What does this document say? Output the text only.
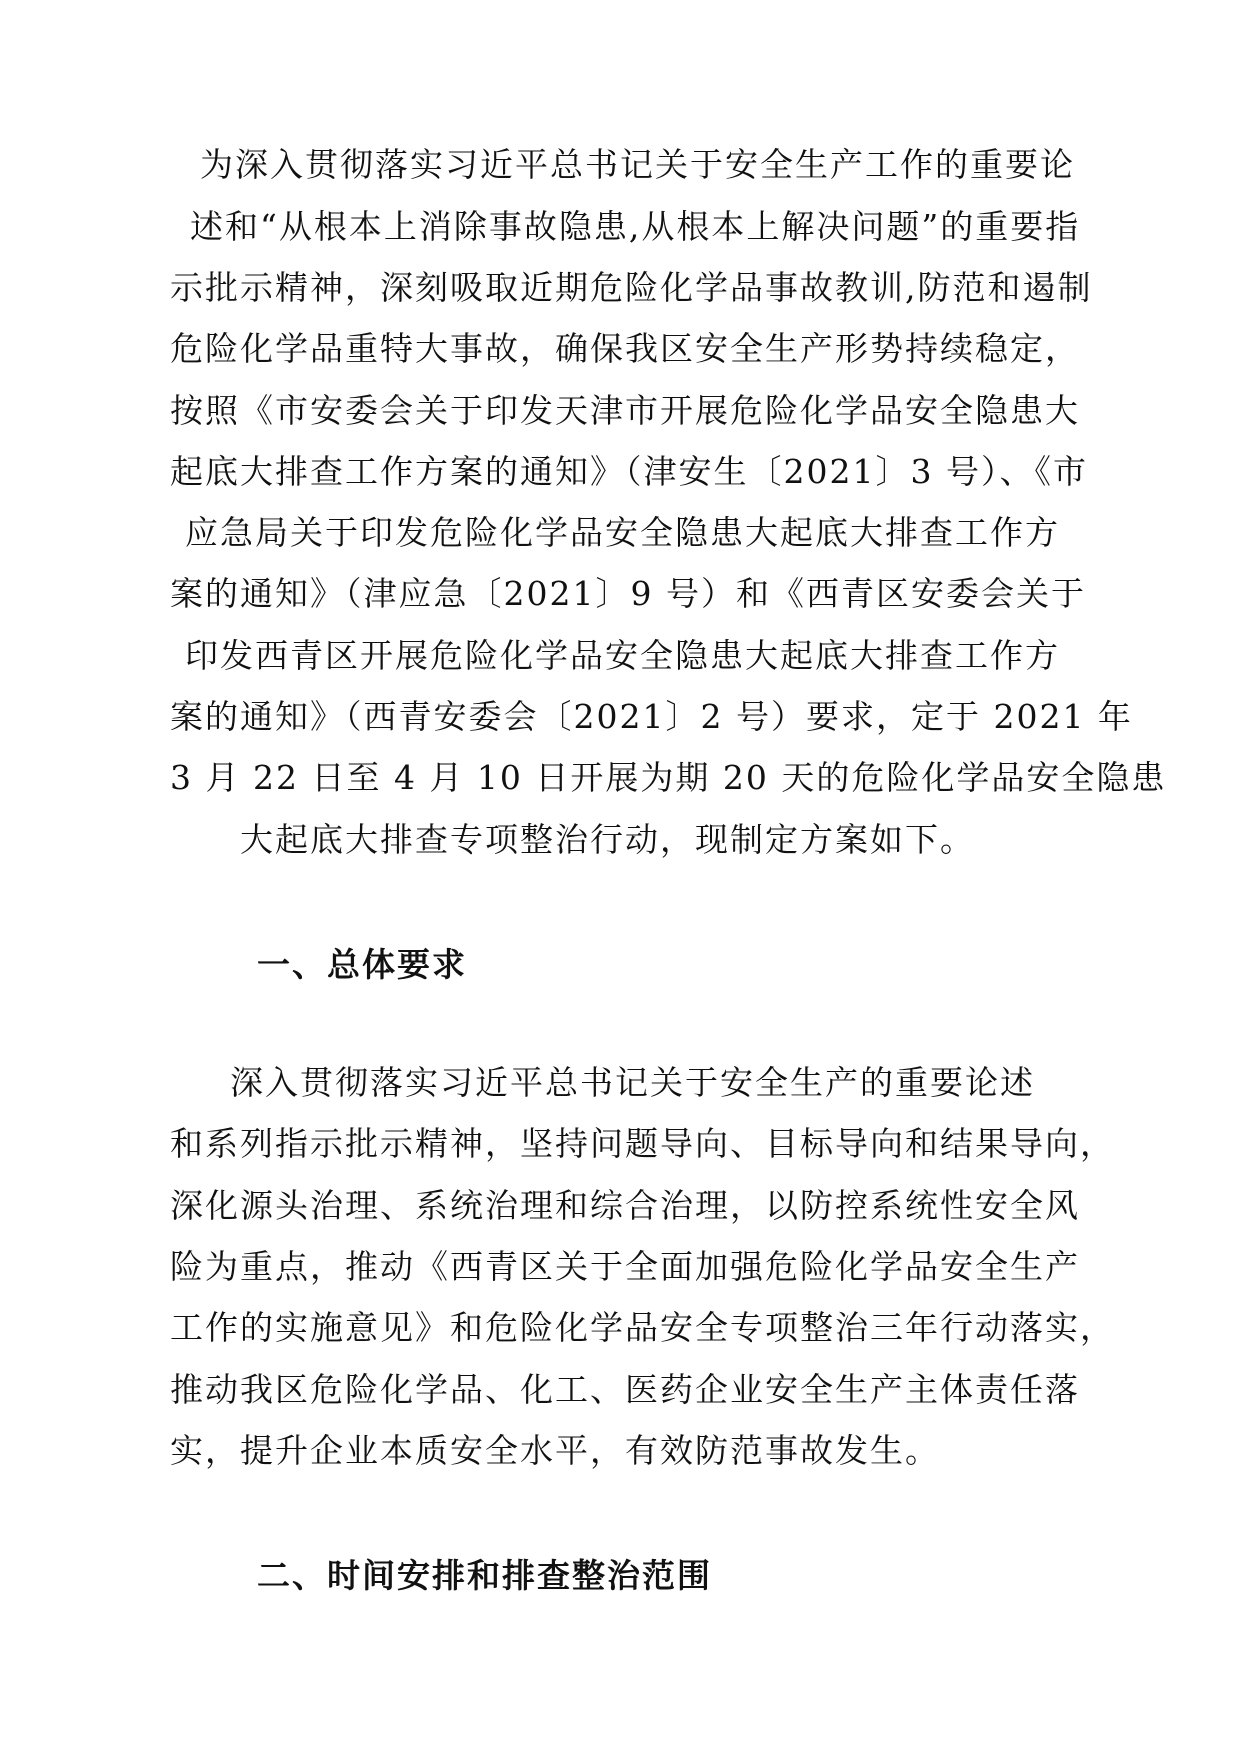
为深入贯彻落实习近平总书记关于安全生产工作的重要论
述和“从根本上消除事故隐患,从根本上解决问题”的重要指
示批示精神，深刻吸取近期危险化学品事故教训,防范和遏制
危险化学品重特大事故，确保我区安全生产形势持续稳定，
按照《市安委会关于印发天津市开展危险化学品安全隐患大
起底大排查工作方案的通知》（津安生〔2021〕3 号）、《市
应急局关于印发危险化学品安全隐患大起底大排查工作方
案的通知》（津应急〔2021〕9 号）和《西青区安委会关于
印发西青区开展危险化学品安全隐患大起底大排查工作方
案的通知》（西青安委会〔2021〕2 号）要求，定于 2021 年
3 月 22 日至 4 月 10 日开展为期 20 天的危险化学品安全隐患
大起底大排查专项整治行动，现制定方案如下。
一、总体要求
深入贯彻落实习近平总书记关于安全生产的重要论述
和系列指示批示精神，坚持问题导向、目标导向和结果导向，
深化源头治理、系统治理和综合治理，以防控系统性安全风
险为重点，推动《西青区关于全面加强危险化学品安全生产
工作的实施意见》和危险化学品安全专项整治三年行动落实，
推动我区危险化学品、化工、医药企业安全生产主体责任落
实，提升企业本质安全水平，有效防范事故发生。
二、时间安排和排查整治范围
